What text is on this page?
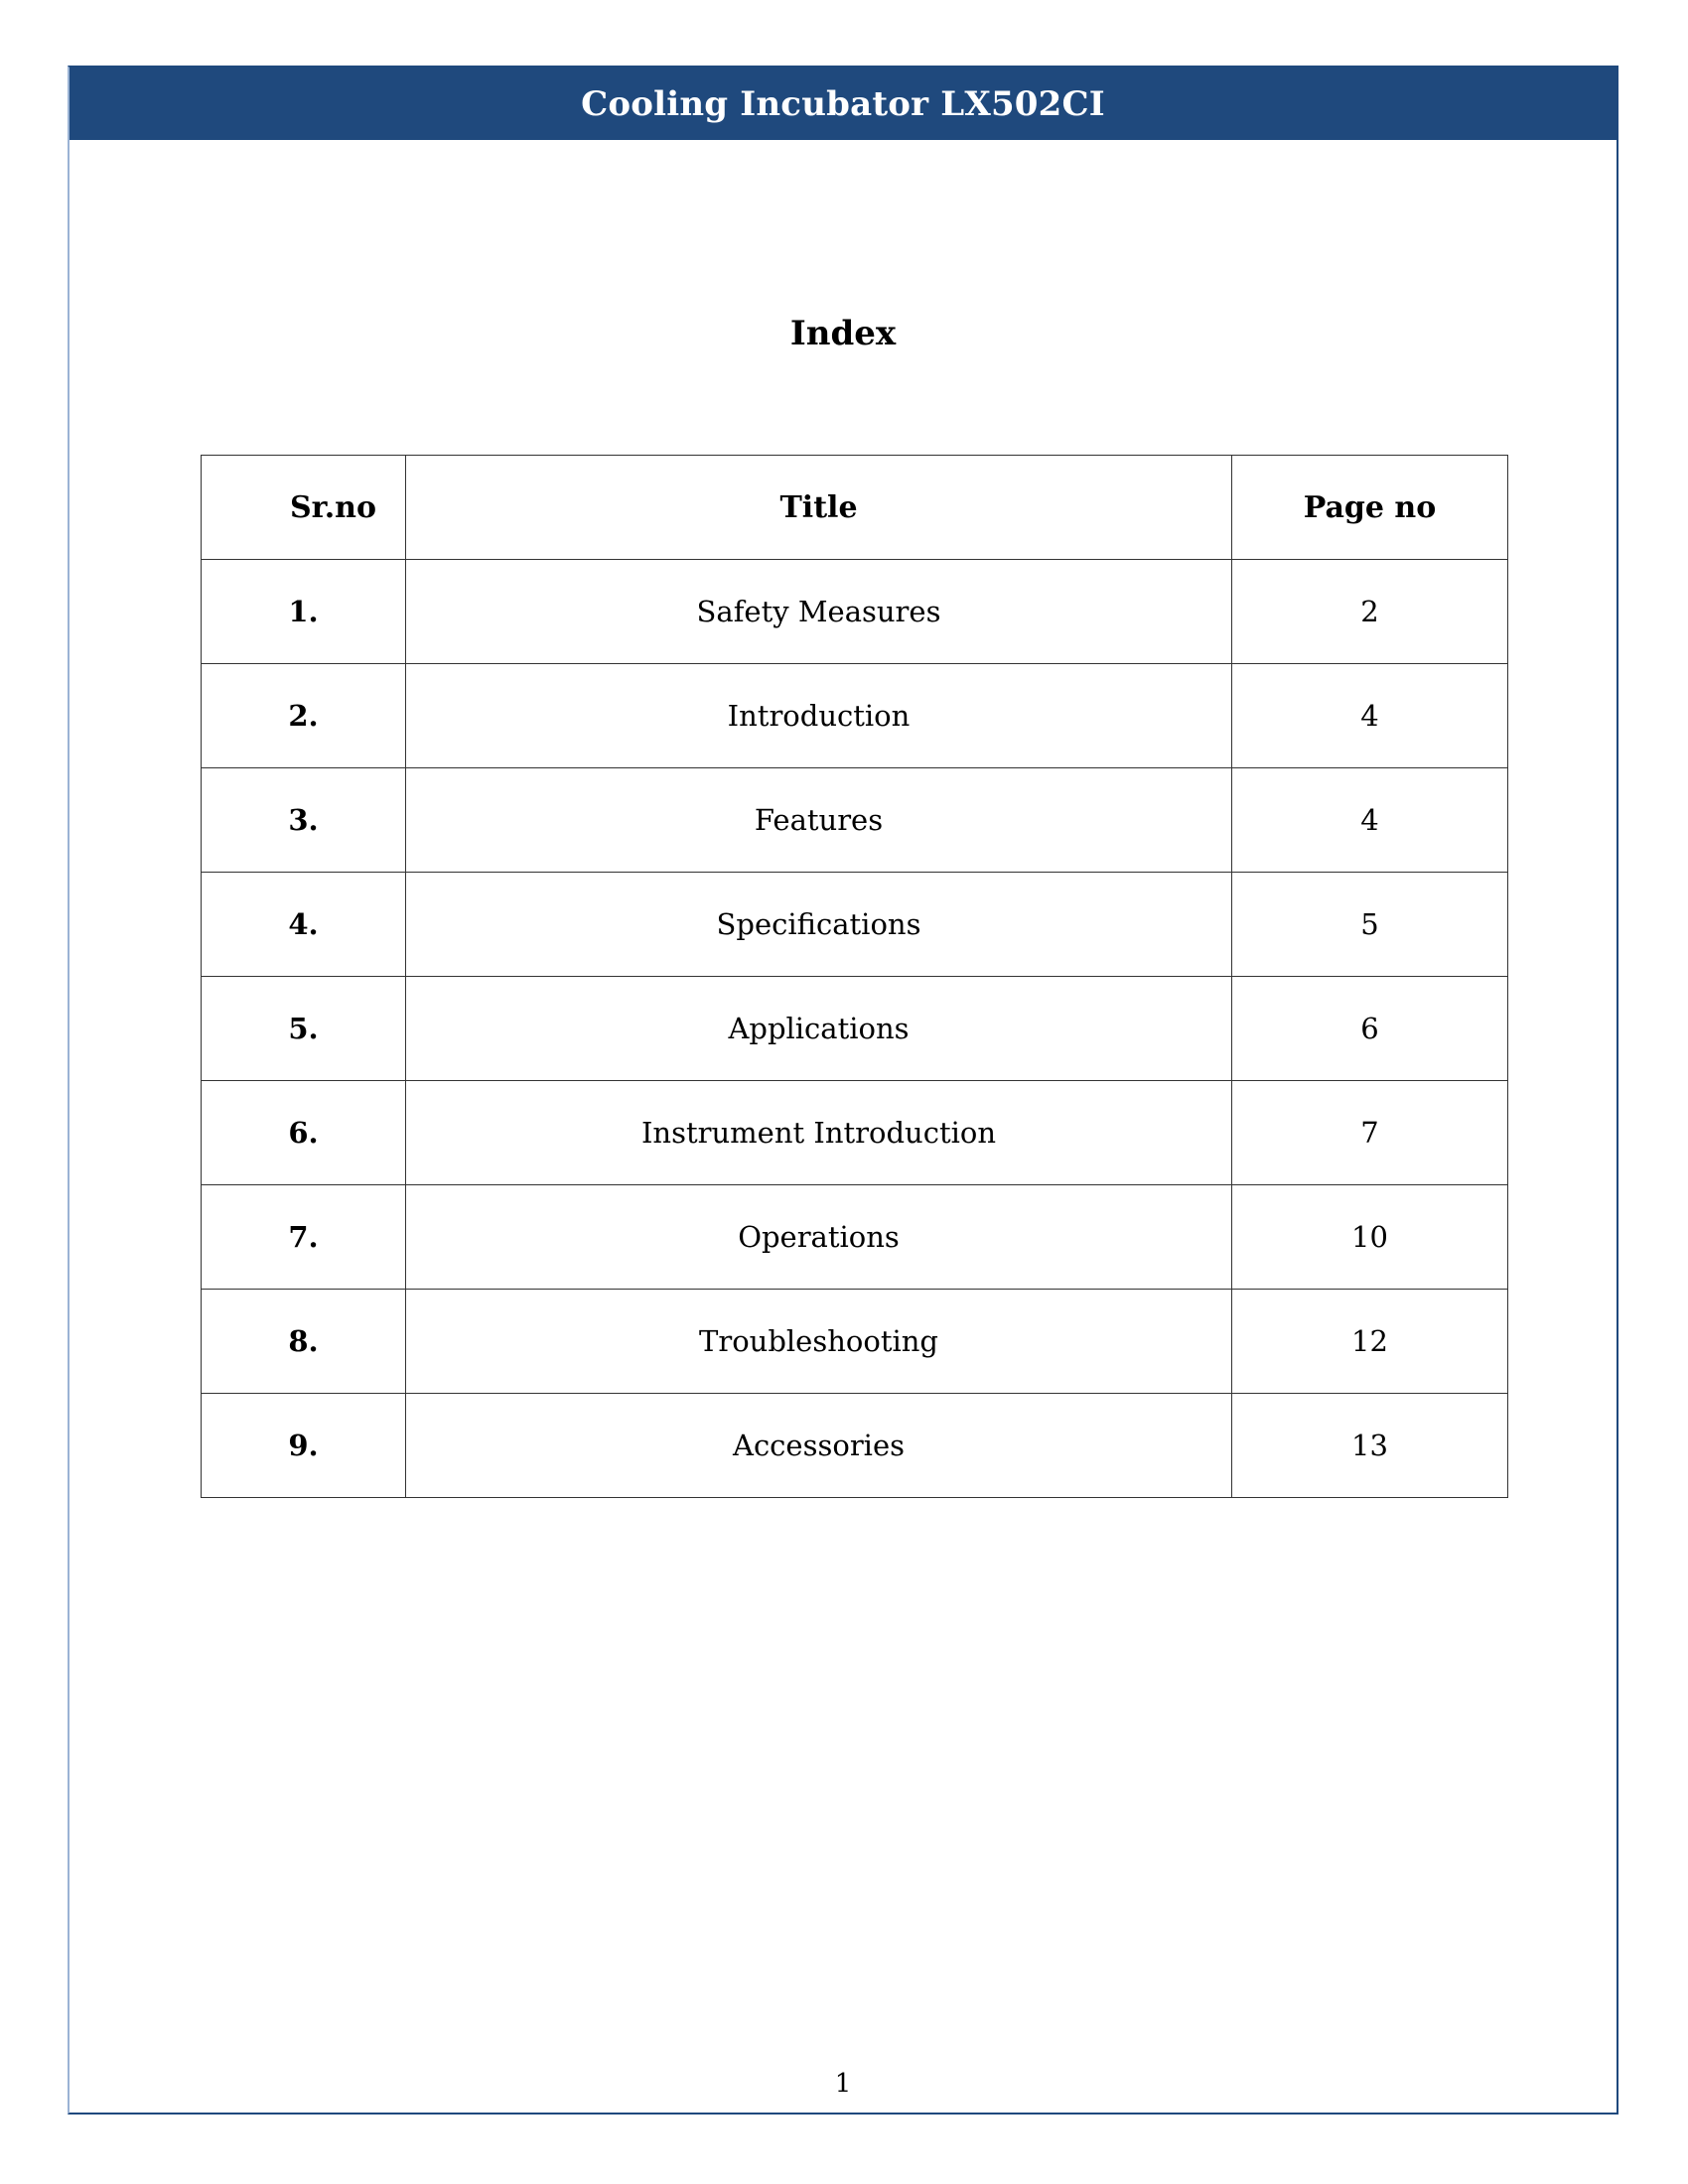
Cooling Incubator LX502CI
Index
Sr.no	Title	Page no
1.	Safety Measures	2
2.	Introduction	4
3.	Features	4
4.	Specifications	5
5.	Applications	6
6.	Instrument Introduction	7
7.	Operations	10
8.	Troubleshooting	12
9.	Accessories	13
1
